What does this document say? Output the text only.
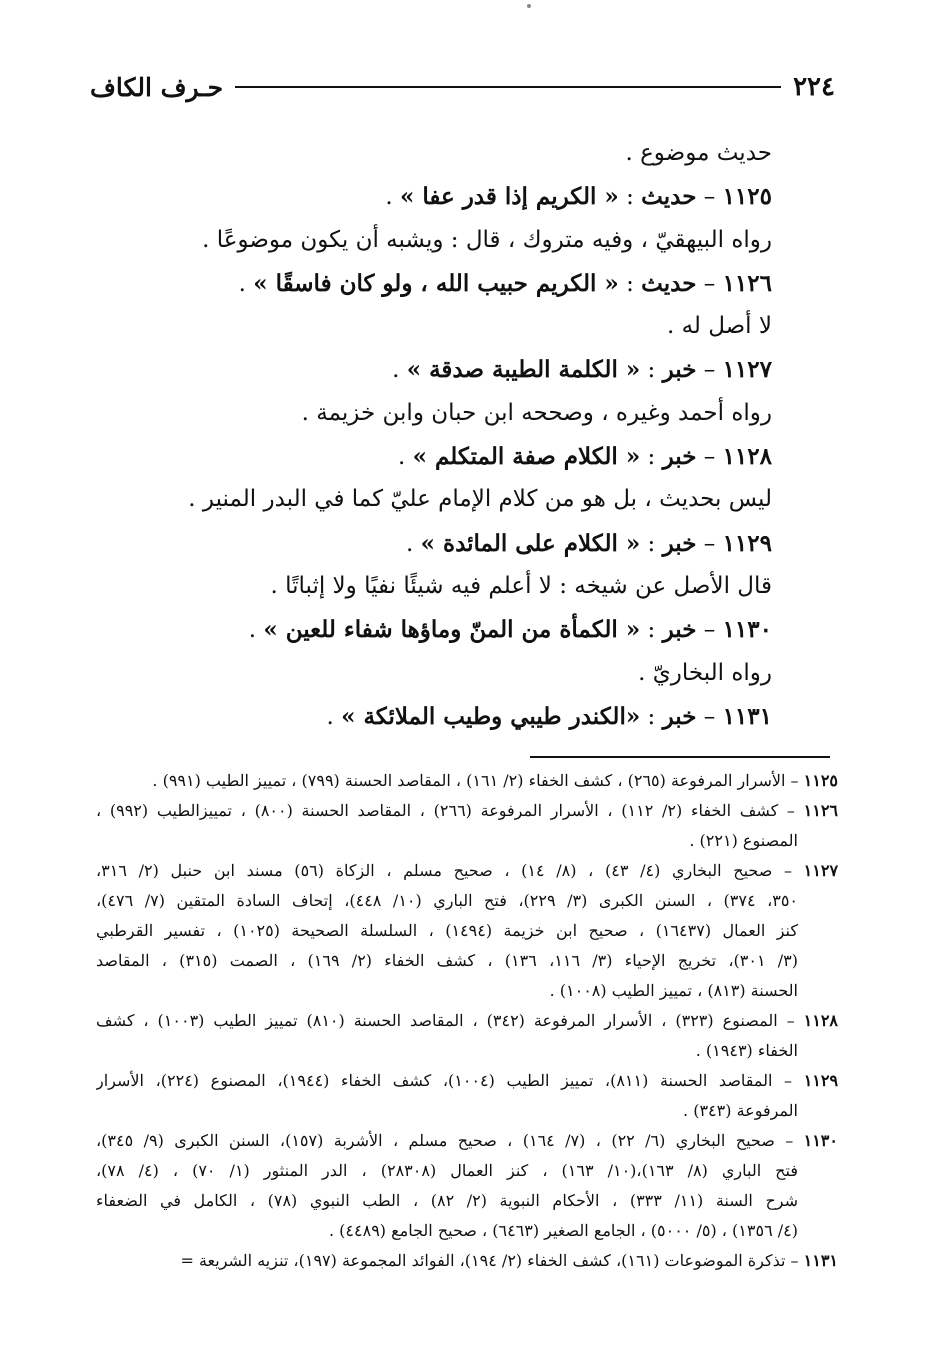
٢٢٤
حـرف الكاف
حديث موضوع .
١١٢٥ – حديث : « الكريم إذا قدر عفا » .
رواه البيهقيّ ، وفيه متروك ، قال : ويشبه أن يكون موضوعًا .
١١٢٦ – حديث : « الكريم حبيب الله ، ولو كان فاسقًا » .
لا أصل له .
١١٢٧ – خبر : « الكلمة الطيبة صدقة » .
رواه أحمد وغيره ، وصححه ابن حبان وابن خزيمة .
١١٢٨ – خبر : « الكلام صفة المتكلم » .
ليس بحديث ، بل هو من كلام الإمام عليّ كما في البدر المنير .
١١٢٩ – خبر : « الكلام على المائدة » .
قال الأصل عن شيخه : لا أعلم فيه شيئًا نفيًا ولا إثباتًا .
١١٣٠ – خبر : « الكمأة من المنّ وماؤها شفاء للعين » .
رواه البخاريّ .
١١٣١ – خبر : «الكندر طيبي وطيب الملائكة » .
١١٢٥ – الأسرار المرفوعة (٢٦٥) ، كشف الخفاء (٢/ ١٦١) ، المقاصد الحسنة (٧٩٩) ، تمييز الطيب (٩٩١) .
١١٢٦ – كشف الخفاء (٢/ ١١٢) ، الأسرار المرفوعة (٢٦٦) ، المقاصد الحسنة (٨٠٠) ، تمييزالطيب (٩٩٢) ،
المصنوع (٢٢١) .
١١٢٧ – صحيح البخاري (٤/ ٤٣) ، (٨/ ١٤) ، صحيح مسلم ، الزكاة (٥٦) مسند ابن حنبل (٢/ ٣١٦،
٣٥٠، ٣٧٤) ، السنن الكبرى (٣/ ٢٢٩)، فتح الباري (١٠/ ٤٤٨)، إتحاف السادة المتقين (٧/ ٤٧٦)،
كنز العمال (١٦٤٣٧) ، صحيح ابن خزيمة (١٤٩٤) ، السلسلة الصحيحة (١٠٢٥) ، تفسير القرطبي
(٣/ ٣٠١)، تخريج الإحياء (٣/ ١١٦، ١٣٦) ، كشف الخفاء (٢/ ١٦٩) ، الصمت (٣١٥) ، المقاصد
الحسنة (٨١٣) ، تمييز الطيب (١٠٠٨) .
١١٢٨ – المصنوع (٣٢٣) ، الأسرار المرفوعة (٣٤٢) ، المقاصد الحسنة (٨١٠) تمييز الطيب (١٠٠٣) ، كشف
الخفاء (١٩٤٣) .
١١٢٩ – المقاصد الحسنة (٨١١)، تمييز الطيب (١٠٠٤)، كشف الخفاء (١٩٤٤)، المصنوع (٢٢٤)، الأسرار
المرفوعة (٣٤٣) .
١١٣٠ – صحيح البخاري (٦/ ٢٢) ، (٧/ ١٦٤) ، صحيح مسلم ، الأشربة (١٥٧)، السنن الكبرى (٩/ ٣٤٥)،
فتح الباري (٨/ ١٦٣)،(١٠/ ١٦٣) ، كنز العمال (٢٨٣٠٨) ، الدر المنثور (١/ ٧٠) ، (٤/ ٧٨)،
شرح السنة (١١/ ٣٣٣) ، الأحكام النبوية (٢/ ٨٢) ، الطب النبوي (٧٨) ، الكامل في الضعفاء
(٤/ ١٣٥٦) ، (٥/ ٥٠٠٠) ، الجامع الصغير (٦٤٦٣) ، صحيح الجامع (٤٤٨٩) .
١١٣١ – تذكرة الموضوعات (١٦١)، كشف الخفاء (٢/ ١٩٤)، الفوائد المجموعة (١٩٧)، تنزيه الشريعة =
